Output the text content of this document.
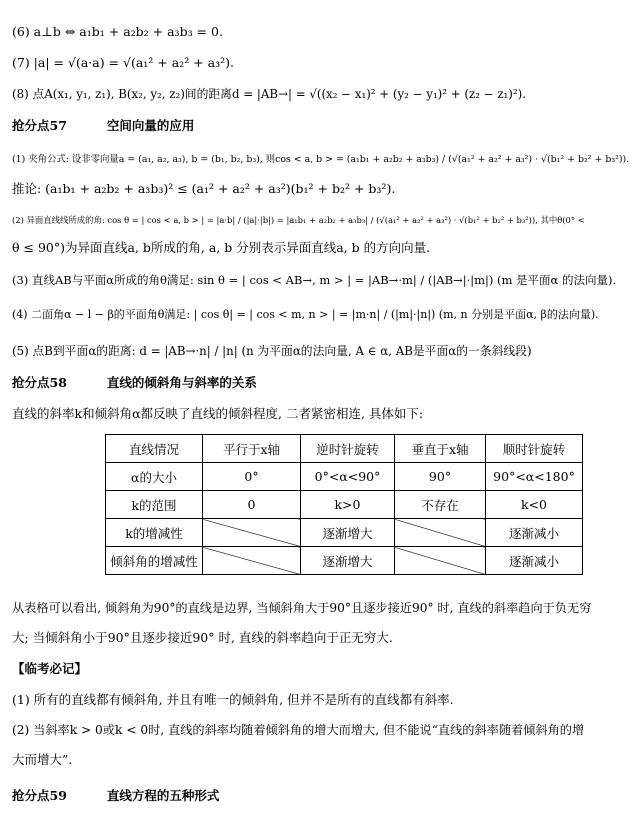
(6) a⊥b ⇔ a₁b₁ + a₂b₂ + a₃b₃ = 0.
(7) |a| = √(a·a) = √(a₁² + a₂² + a₃²).
(8) 点A(x₁, y₁, z₁), B(x₂, y₂, z₂)间的距离d = |AB→| = √((x₂ − x₁)² + (y₂ − y₁)² + (z₂ − z₁)²).
抢分点57	空间向量的应用
(1) 夹角公式: 设非零向量a = (a₁, a₂, a₃), b = (b₁, b₂, b₃), 则cos < a, b > = (a₁b₁ + a₂b₂ + a₃b₃) / (√(a₁² + a₂² + a₃²) · √(b₁² + b₂² + b₃²)).
推论: (a₁b₁ + a₂b₂ + a₃b₃)² ≤ (a₁² + a₂² + a₃²)(b₁² + b₂² + b₃²).
(2) 异面直线线所成的角: cos θ = | cos < a, b > | = |a·b| / (|a|·|b|) = |a₁b₁ + a₂b₂ + a₃b₃| / (√(a₁² + a₂² + a₃²) · √(b₁² + b₂² + b₃²)), 其中θ(0° <
θ ≤ 90°)为异面直线a, b所成的角, a, b 分别表示异面直线a, b 的方向向量.
(3) 直线AB与平面α所成的角θ满足: sin θ = | cos < AB→, m > | = |AB→·m| / (|AB→|·|m|) (m 是平面α 的法向量).
(4) 二面角α − l − β的平面角θ满足: | cos θ| = | cos < m, n > | = |m·n| / (|m|·|n|) (m, n 分别是平面α, β的法向量).
(5) 点B到平面α的距离: d = |AB→·n| / |n| (n 为平面α的法向量, A ∈ α, AB是平面α的一条斜线段)
抢分点58	直线的倾斜角与斜率的关系
直线的斜率k和倾斜角α都反映了直线的倾斜程度, 二者紧密相连, 具体如下:
直线情况	平行于x轴	逆时针旋转	垂直于x轴	顺时针旋转
α的大小	0°	0°<α<90°	90°	90°<α<180°
k的范围	0	k>0	不存在	k<0
k的增减性		逐渐增大		逐渐减小
倾斜角的增减性		逐渐增大		逐渐减小
从表格可以看出, 倾斜角为90°的直线是边界, 当倾斜角大于90°且逐步接近90° 时, 直线的斜率趋向于负无穷
大; 当倾斜角小于90°且逐步接近90° 时, 直线的斜率趋向于正无穷大.
【临考必记】
(1) 所有的直线都有倾斜角, 并且有唯一的倾斜角, 但并不是所有的直线都有斜率.
(2) 当斜率k > 0或k < 0时, 直线的斜率均随着倾斜角的增大而增大, 但不能说“直线的斜率随着倾斜角的增
大而增大”.
抢分点59	直线方程的五种形式
